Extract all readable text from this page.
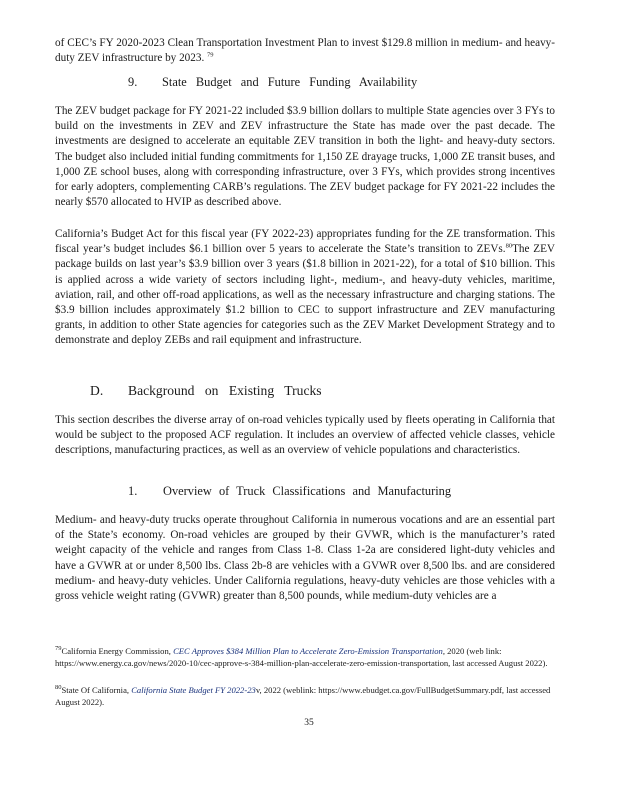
of CEC’s FY 2020-2023 Clean Transportation Investment Plan to invest $129.8 million in medium- and heavy-duty ZEV infrastructure by 2023. $^{79}$

9. State Budget and Future Funding Availability

The ZEV budget package for FY 2021-22 included $3.9 billion dollars to multiple State agencies over 3 FYs to build on the investments in ZEV and ZEV infrastructure the State has made over the past decade. The investments are designed to accelerate an equitable ZEV transition in both the light- and heavy-duty sectors. The budget also included initial funding commitments for 1,150 ZE drayage trucks, 1,000 ZE transit buses, and 1,000 ZE school buses, along with corresponding infrastructure, over 3 FYs, which provides strong incentives for early adopters, complementing CARB’s regulations. The ZEV budget package for FY 2021-22 includes the nearly $570 allocated to HVIP as described above.

California’s Budget Act for this fiscal year (FY 2022-23) appropriates funding for the ZE transformation. This fiscal year’s budget includes $6.1 billion over 5 years to accelerate the State’s transition to ZEVs.$^{80}$The ZEV package builds on last year’s $3.9 billion over 3 years ($1.8 billion in 2021-22), for a total of $10 billion. This is applied across a wide variety of sectors including light-, medium-, and heavy-duty vehicles, maritime, aviation, rail, and other off-road applications, as well as the necessary infrastructure and charging stations. The $3.9 billion includes approximately $1.2 billion to CEC to support infrastructure and ZEV manufacturing grants, in addition to other State agencies for categories such as the ZEV Market Development Strategy and to demonstrate and deploy ZEBs and rail equipment and infrastructure.

D. Background on Existing Trucks

This section describes the diverse array of on-road vehicles typically used by fleets operating in California that would be subject to the proposed ACF regulation. It includes an overview of affected vehicle classes, vehicle descriptions, manufacturing practices, as well as an overview of vehicle populations and characteristics.

1. Overview of Truck Classifications and Manufacturing

Medium- and heavy-duty trucks operate throughout California in numerous vocations and are an essential part of the State’s economy. On-road vehicles are grouped by their GVWR, which is the manufacturer’s rated weight capacity of the vehicle and ranges from Class 1-8. Class 1-2a are considered light-duty vehicles and have a GVWR at or under 8,500 lbs. Class 2b-8 are vehicles with a GVWR over 8,500 lbs. and are considered medium- and heavy-duty vehicles. Under California regulations, heavy-duty vehicles are those vehicles with a gross vehicle weight rating (GVWR) greater than 8,500 pounds, while medium-duty vehicles are a

$^{79}$California Energy Commission, CEC Approves $384 Million Plan to Accelerate Zero-Emission Transportation, 2020 (web link: https://www.energy.ca.gov/news/2020-10/cec-approve-s-384-million-plan-accelerate-zero-emission-transportation, last accessed August 2022).

$^{80}$State Of California, California State Budget FY 2022-23v, 2022 (weblink: https://www.ebudget.ca.gov/FullBudgetSummary.pdf, last accessed August 2022).

35
